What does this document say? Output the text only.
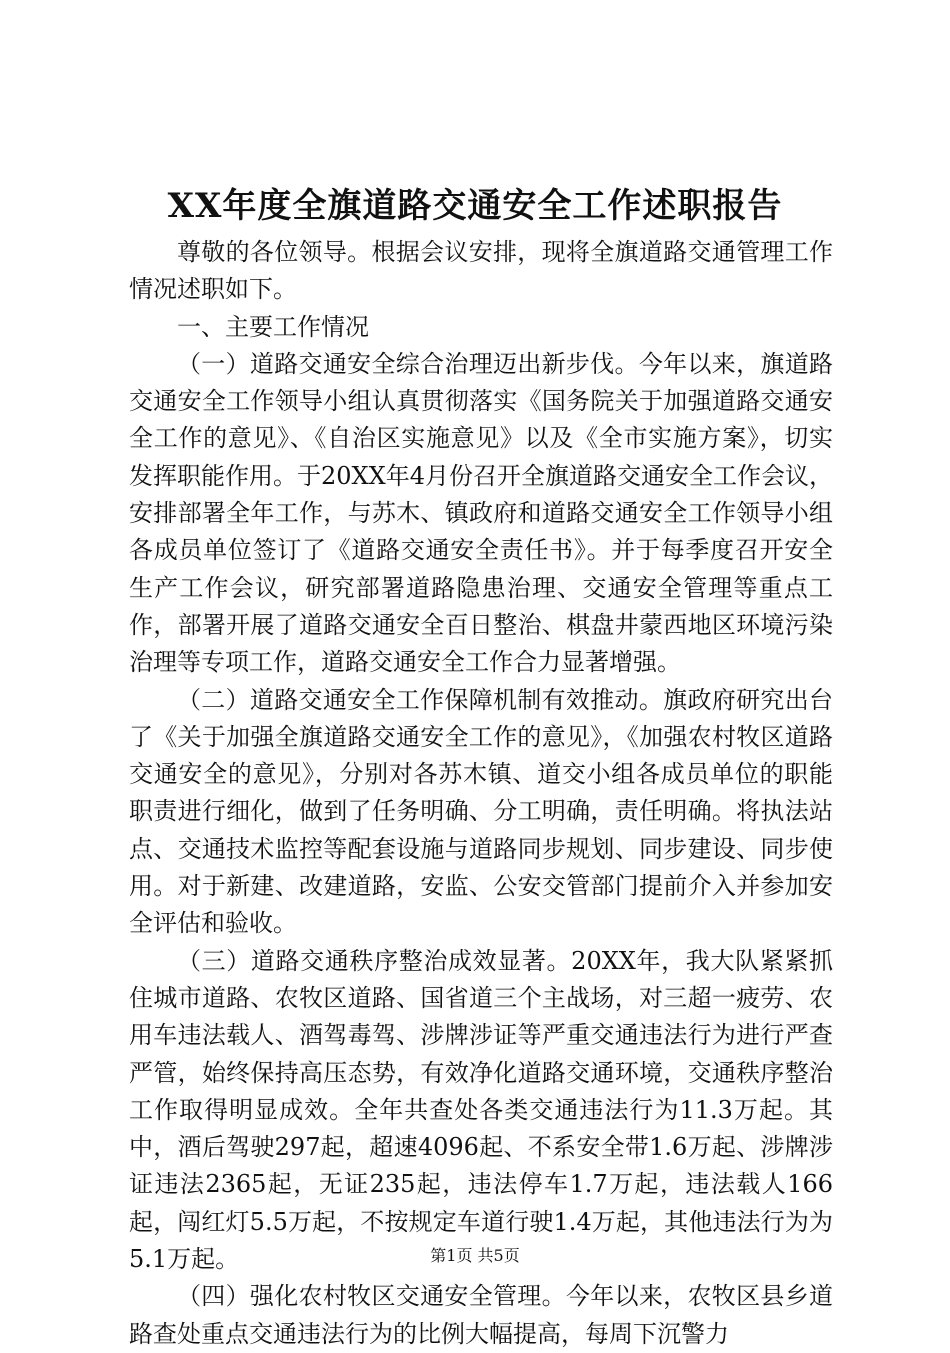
XX年度全旗道路交通安全工作述职报告

尊敬的各位领导。根据会议安排，现将全旗道路交通管理工作情况述职如下。

一、主要工作情况

（一）道路交通安全综合治理迈出新步伐。今年以来，旗道路交通安全工作领导小组认真贯彻落实《国务院关于加强道路交通安全工作的意见》、《自治区实施意见》以及《全市实施方案》，切实发挥职能作用。于20XX年4月份召开全旗道路交通安全工作会议，安排部署全年工作，与苏木、镇政府和道路交通安全工作领导小组各成员单位签订了《道路交通安全责任书》。并于每季度召开安全生产工作会议，研究部署道路隐患治理、交通安全管理等重点工作，部署开展了道路交通安全百日整治、棋盘井蒙西地区环境污染治理等专项工作，道路交通安全工作合力显著增强。

（二）道路交通安全工作保障机制有效推动。旗政府研究出台了《关于加强全旗道路交通安全工作的意见》，《加强农村牧区道路交通安全的意见》，分别对各苏木镇、道交小组各成员单位的职能职责进行细化，做到了任务明确、分工明确，责任明确。将执法站点、交通技术监控等配套设施与道路同步规划、同步建设、同步使用。对于新建、改建道路，安监、公安交管部门提前介入并参加安全评估和验收。

（三）道路交通秩序整治成效显著。20XX年，我大队紧紧抓住城市道路、农牧区道路、国省道三个主战场，对三超一疲劳、农用车违法载人、酒驾毒驾、涉牌涉证等严重交通违法行为进行严查严管，始终保持高压态势，有效净化道路交通环境，交通秩序整治工作取得明显成效。全年共查处各类交通违法行为11.3万起。其中，酒后驾驶297起，超速4096起、不系安全带1.6万起、涉牌涉证违法2365起，无证235起，违法停车1.7万起，违法载人166起，闯红灯5.5万起，不按规定车道行驶1.4万起，其他违法行为为5.1万起。

（四）强化农村牧区交通安全管理。今年以来，农牧区县乡道路查处重点交通违法行为的比例大幅提高，每周下沉警力

第1页 共5页
